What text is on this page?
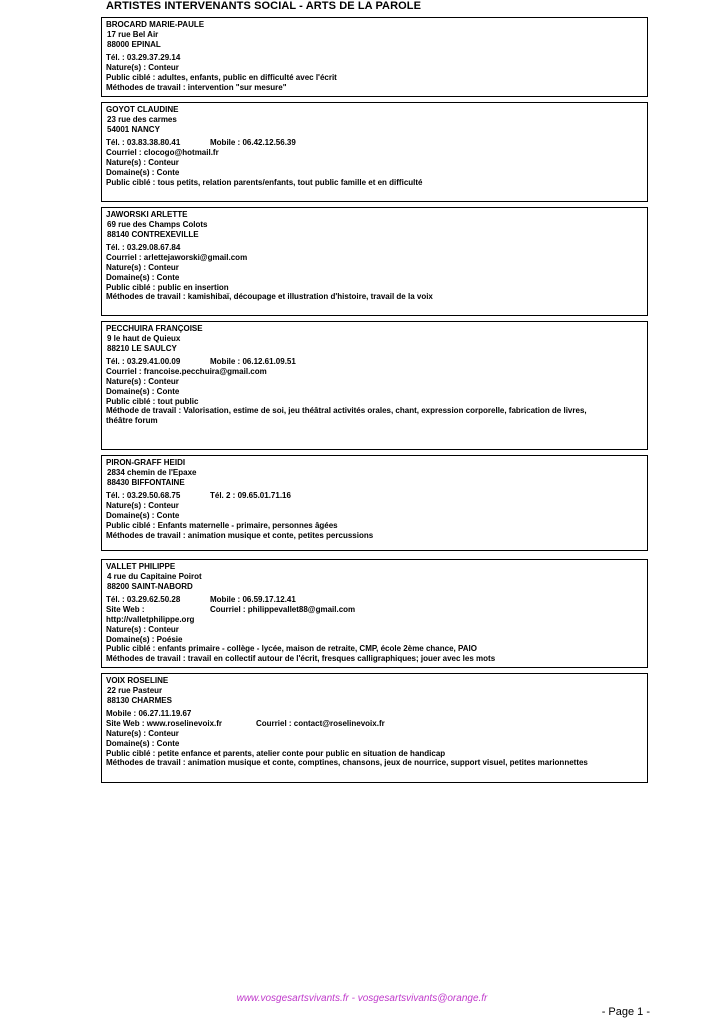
ARTISTES INTERVENANTS SOCIAL - ARTS DE LA PAROLE
BROCARD MARIE-PAULE
17 rue Bel Air
88000 EPINAL
Tél. : 03.29.37.29.14
Nature(s) : Conteur
Public ciblé : adultes, enfants, public en difficulté avec l'écrit
Méthodes de travail : intervention "sur mesure"
GOYOT CLAUDINE
23 rue des carmes
54001 NANCY
Tél. : 03.83.38.80.41	Mobile : 06.42.12.56.39
Courriel : clocogo@hotmail.fr
Nature(s) : Conteur
Domaine(s) : Conte
Public ciblé : tous petits, relation parents/enfants, tout public famille et en difficulté
JAWORSKI ARLETTE
69 rue des Champs Colots
88140 CONTREXEVILLE
Tél. : 03.29.08.67.84
Courriel : arlettejaworski@gmail.com
Nature(s) : Conteur
Domaine(s) : Conte
Public ciblé : public en insertion
Méthodes de travail : kamishibaï, découpage et illustration d'histoire, travail de la voix
PECCHUIRA FRANÇOISE
9 le haut de Quieux
88210 LE SAULCY
Tél. : 03.29.41.00.09	Mobile : 06.12.61.09.51
Courriel : francoise.pecchuira@gmail.com
Nature(s) : Conteur
Domaine(s) : Conte
Public ciblé : tout public
Méthode de travail : Valorisation, estime de soi, jeu théâtral activités orales, chant, expression corporelle, fabrication de livres,
théâtre forum
PIRON-GRAFF HEIDI
2834 chemin de l'Epaxe
88430 BIFFONTAINE
Tél. : 03.29.50.68.75	Tél. 2 : 09.65.01.71.16
Nature(s) : Conteur
Domaine(s) : Conte
Public ciblé : Enfants maternelle - primaire, personnes âgées
Méthodes de travail : animation musique et conte, petites percussions
VALLET PHILIPPE
4 rue du Capitaine Poirot
88200 SAINT-NABORD
Tél. : 03.29.62.50.28	Mobile : 06.59.17.12.41
Site Web : http://valletphilippe.org
Courriel : philippevallet88@gmail.com
Nature(s) : Conteur
Domaine(s) : Poésie
Public ciblé : enfants primaire - collège - lycée, maison de retraite, CMP, école 2ème chance, PAIO
Méthodes de travail : travail en collectif autour de l'écrit, fresques calligraphiques; jouer avec les mots
VOIX ROSELINE
22 rue Pasteur
88130 CHARMES
Mobile : 06.27.11.19.67
Site Web : www.roselinevoix.fr	Courriel : contact@roselinevoix.fr
Nature(s) : Conteur
Domaine(s) : Conte
Public ciblé : petite enfance et parents, atelier conte pour public en situation de handicap
Méthodes de travail : animation musique et conte, comptines, chansons, jeux de nourrice, support visuel, petites marionnettes
www.vosgesartsvivants.fr - vosgesartsvivants@orange.fr
- Page 1 -
